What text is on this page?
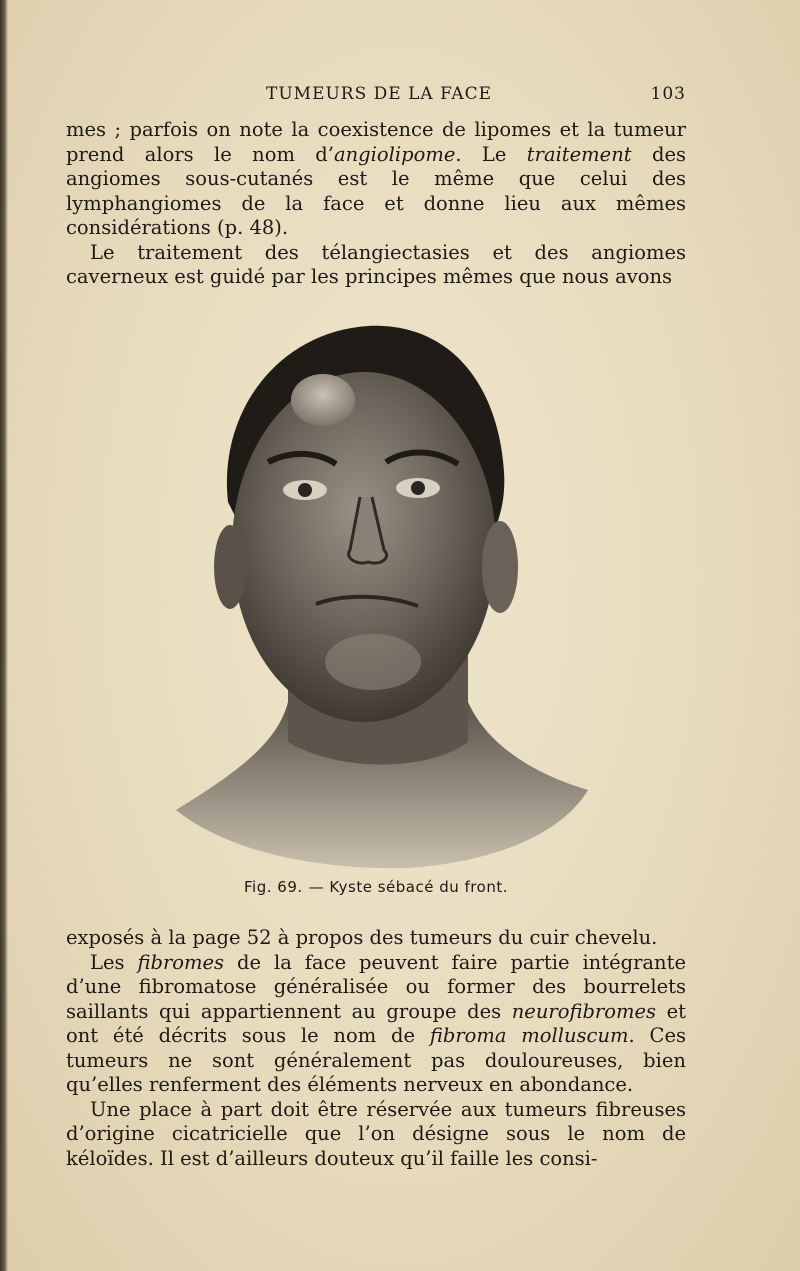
TUMEURS DE LA FACE	103

mes ; parfois on note la coexistence de lipomes et la tumeur prend alors le nom d’angiolipome. Le traitement des angiomes sous-cutanés est le même que celui des lymphangiomes de la face et donne lieu aux mêmes considérations (p. 48).

Le traitement des télangiectasies et des angiomes caverneux est guidé par les principes mêmes que nous avons

Fig. 69. — Kyste sébacé du front.

exposés à la page 52 à propos des tumeurs du cuir chevelu.

Les fibromes de la face peuvent faire partie intégrante d’une fibromatose généralisée ou former des bourrelets saillants qui appartiennent au groupe des neurofibromes et ont été décrits sous le nom de fibroma molluscum. Ces tumeurs ne sont généralement pas douloureuses, bien qu’elles renferment des éléments nerveux en abondance.

Une place à part doit être réservée aux tumeurs fibreuses d’origine cicatricielle que l’on désigne sous le nom de kéloïdes. Il est d’ailleurs douteux qu’il faille les consi-
